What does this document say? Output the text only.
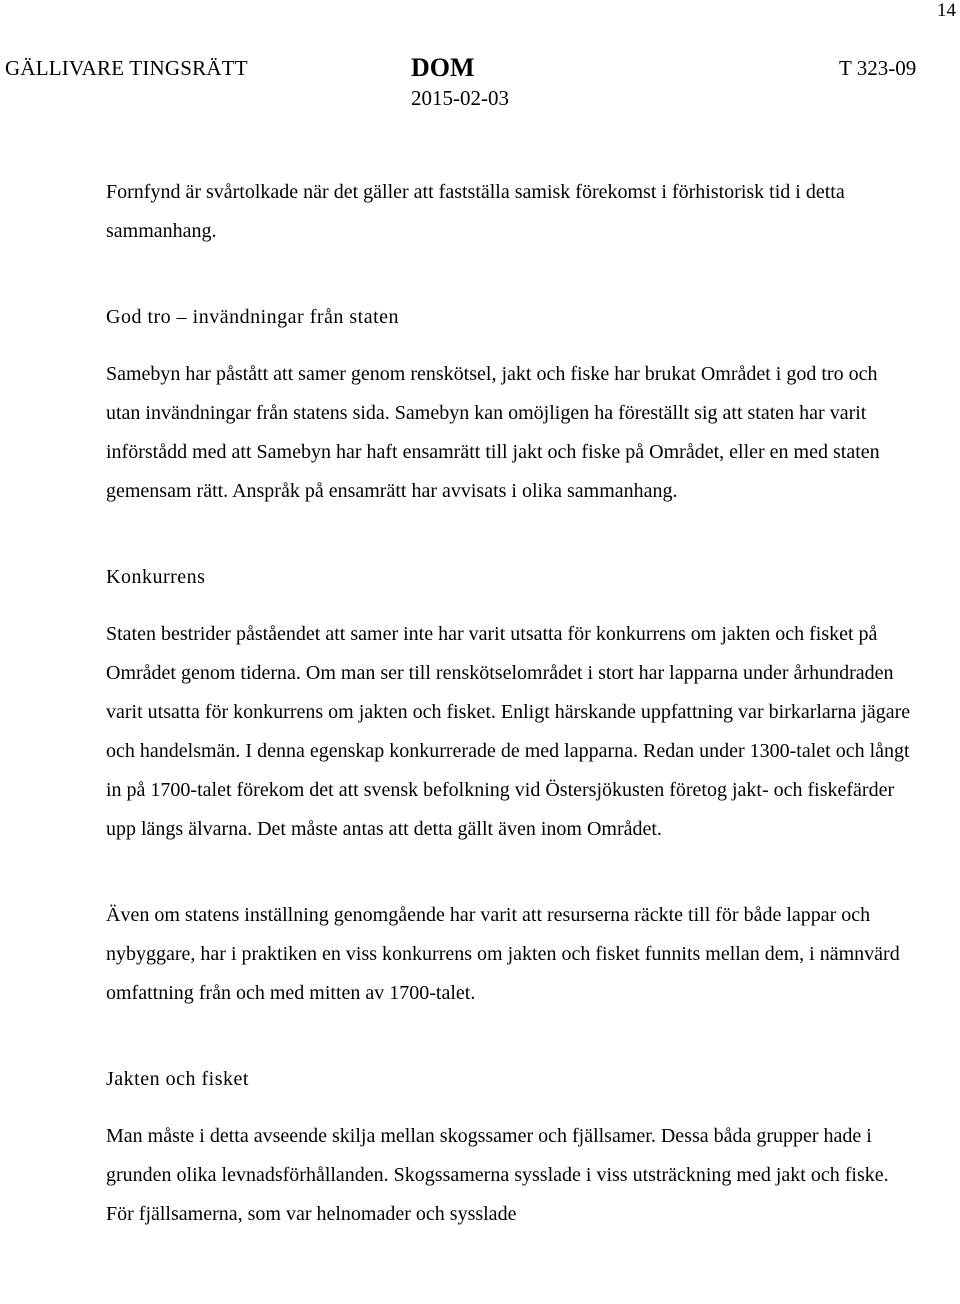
14
GÄLLIVARE TINGSRÄTT	DOM
2015-02-03
T 323-09

Fornfynd är svårtolkade när det gäller att fastställa samisk förekomst i förhistorisk tid i detta sammanhang.

God tro – invändningar från staten

Samebyn har påstått att samer genom renskötsel, jakt och fiske har brukat Området i god tro och utan invändningar från statens sida. Samebyn kan omöjligen ha föreställt sig att staten har varit införstådd med att Samebyn har haft ensamrätt till jakt och fiske på Området, eller en med staten gemensam rätt. Anspråk på ensamrätt har avvisats i olika sammanhang.

Konkurrens

Staten bestrider påståendet att samer inte har varit utsatta för konkurrens om jakten och fisket på Området genom tiderna. Om man ser till renskötselområdet i stort har lapparna under århundraden varit utsatta för konkurrens om jakten och fisket. Enligt härskande uppfattning var birkarlarna jägare och handelsmän. I denna egenskap konkurrerade de med lapparna. Redan under 1300-talet och långt in på 1700-talet förekom det att svensk befolkning vid Östersjökusten företog jakt- och fiskefärder upp längs älvarna. Det måste antas att detta gällt även inom Området.

Även om statens inställning genomgående har varit att resurserna räckte till för både lappar och nybyggare, har i praktiken en viss konkurrens om jakten och fisket funnits mellan dem, i nämnvärd omfattning från och med mitten av 1700-talet.

Jakten och fisket

Man måste i detta avseende skilja mellan skogssamer och fjällsamer. Dessa båda grupper hade i grunden olika levnadsförhållanden. Skogssamerna sysslade i viss utsträckning med jakt och fiske. För fjällsamerna, som var helnomader och sysslade
